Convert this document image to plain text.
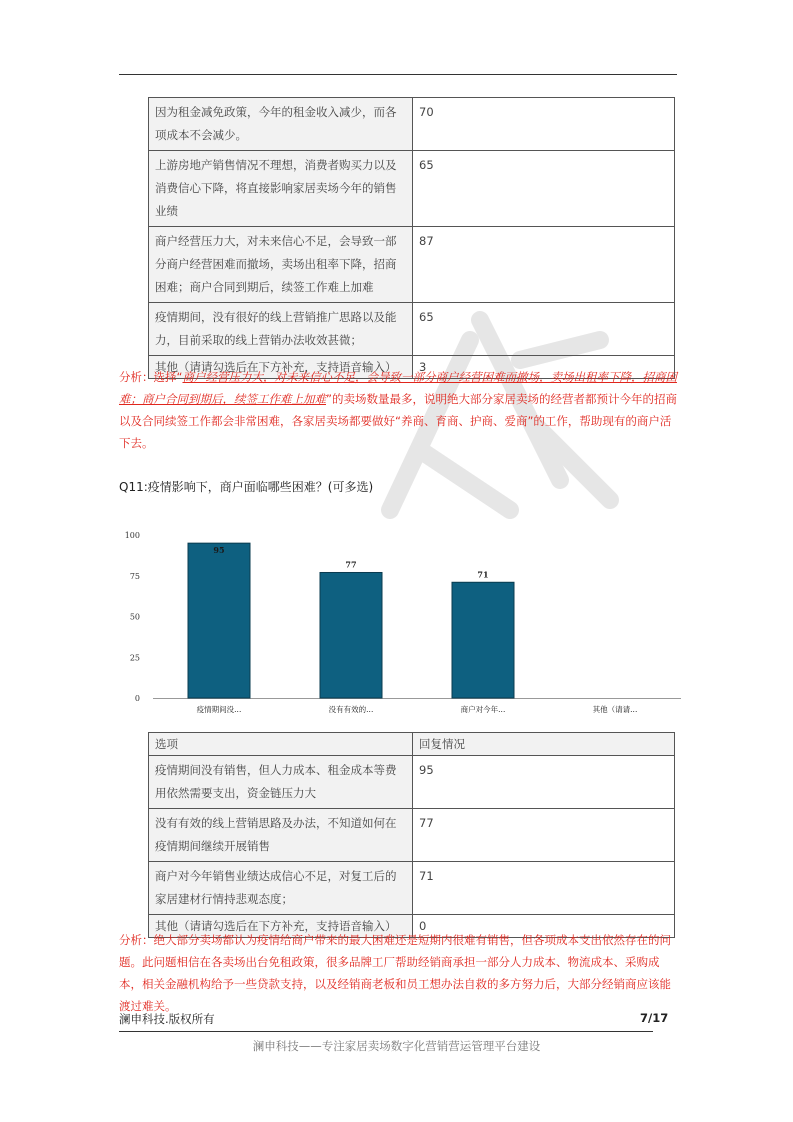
因为租金减免政策，今年的租金收入减少，而各项成本不会减少。	70
上游房地产销售情况不理想，消费者购买力以及消费信心下降，将直接影响家居卖场今年的销售业绩	65
商户经营压力大，对未来信心不足，会导致一部分商户经营困难而撤场，卖场出租率下降，招商困难；商户合同到期后，续签工作难上加难	87
疫情期间，没有很好的线上营销推广思路以及能力，目前采取的线上营销办法收效甚微；	65
其他（请请勾选后在下方补充，支持语音输入）	3

分析：选择“商户经营压力大，对未来信心不足，会导致一部分商户经营困难而撤场，卖场出租率下降，招商困难；商户合同到期后，续签工作难上加难”的卖场数量最多，说明绝大部分家居卖场的经营者都预计今年的招商以及合同续签工作都会非常困难，各家居卖场都要做好“养商、育商、护商、爱商”的工作，帮助现有的商户活下去。

Q11:疫情影响下，商户面临哪些困难？(可多选)
0
25
50
75
100
95
疫情期间没...
77
没有有效的...
71
商户对今年...	其他（请请...
选项	回复情况
疫情期间没有销售，但人力成本、租金成本等费用依然需要支出，资金链压力大	95
没有有效的线上营销思路及办法，不知道如何在疫情期间继续开展销售	77
商户对今年销售业绩达成信心不足，对复工后的家居建材行情持悲观态度；	71
其他（请请勾选后在下方补充，支持语音输入）	0

分析：绝大部分卖场都认为疫情给商户带来的最大困难还是短期内很难有销售，但各项成本支出依然存在的问题。此问题相信在各卖场出台免租政策，很多品牌工厂帮助经销商承担一部分人力成本、物流成本、采购成本，相关金融机构给予一些贷款支持，以及经销商老板和员工想办法自救的多方努力后，大部分经销商应该能渡过难关。

澜申科技.版权所有	7/17
澜申科技——专注家居卖场数字化营销营运管理平台建设
